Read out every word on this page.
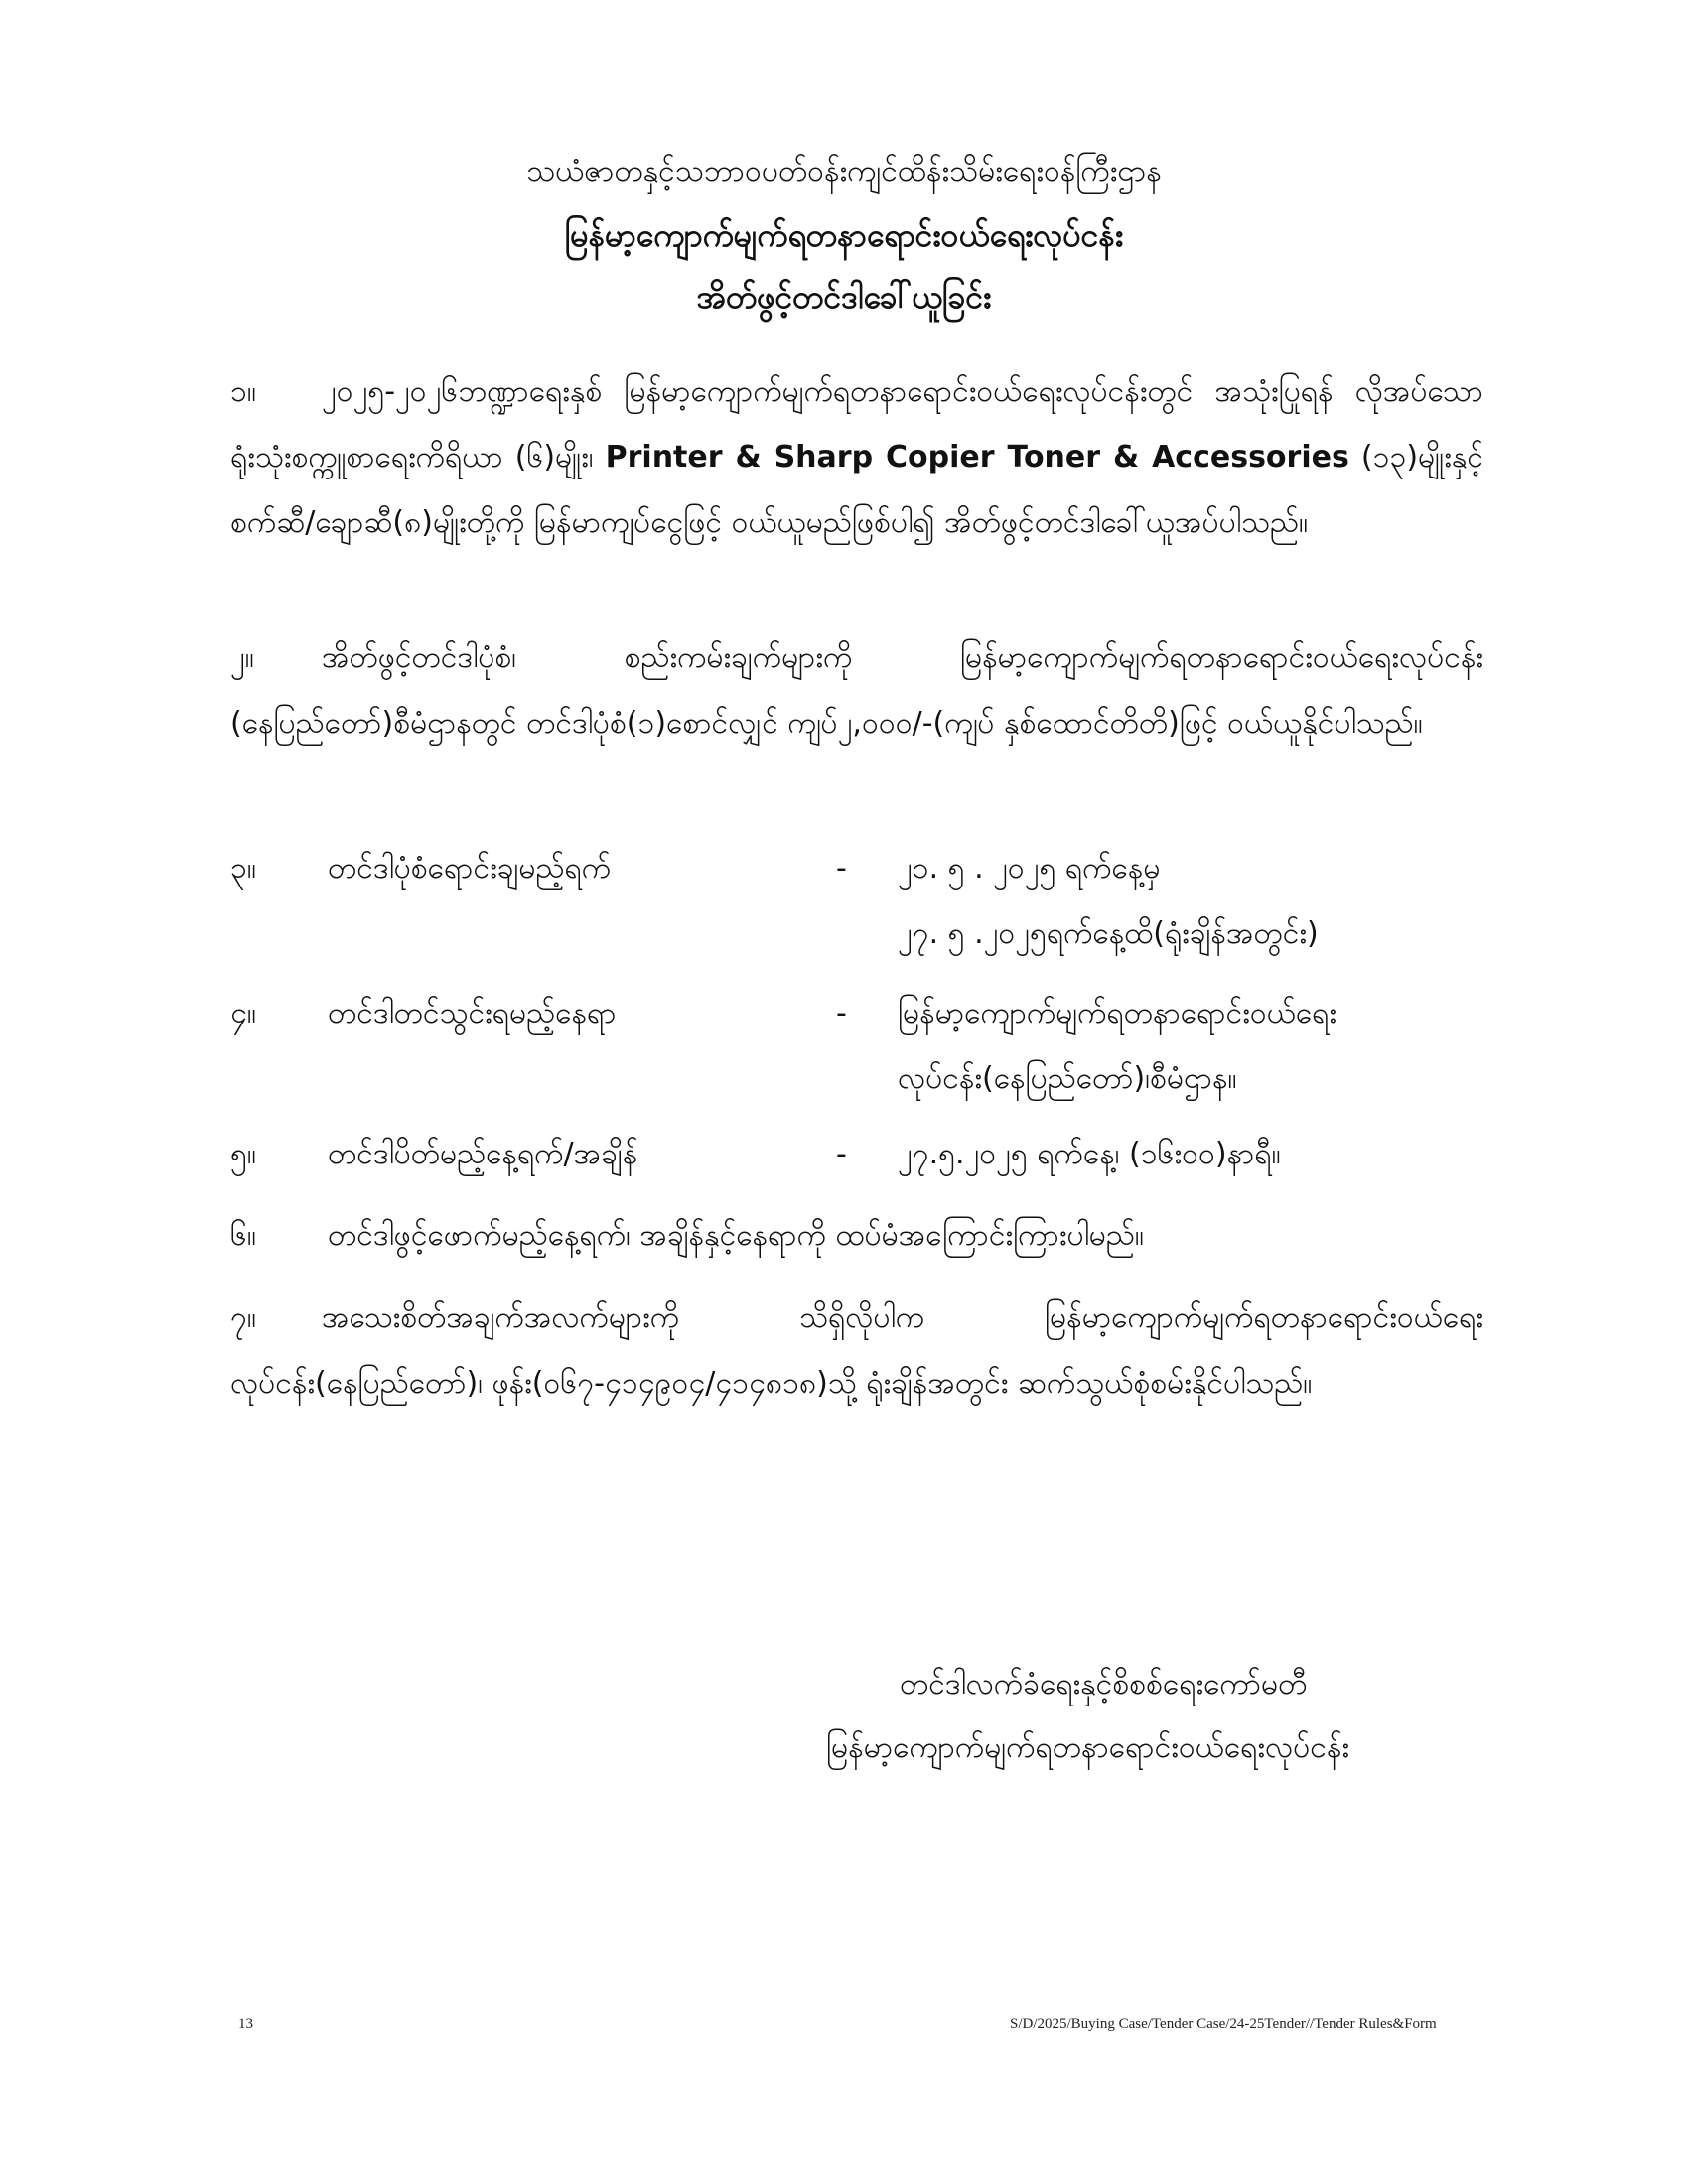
သယံဇာတနှင့်သဘာဝပတ်ဝန်းကျင်ထိန်းသိမ်းရေးဝန်ကြီးဌာန
မြန်မာ့ကျောက်မျက်ရတနာရောင်းဝယ်ရေးလုပ်ငန်း
အိတ်ဖွင့်တင်ဒါခေါ်ယူခြင်း
၁။ ၂၀၂၅-၂၀၂၆ဘဏ္ဍာရေးနှစ် မြန်မာ့ကျောက်မျက်ရတနာရောင်းဝယ်ရေးလုပ်ငန်းတွင် အသုံးပြုရန် လိုအပ်သော ရုံးသုံးစက္ကူစာရေးကိရိယာ (၆)မျိုး၊ Printer & Sharp Copier Toner & Accessories (၁၃)မျိုးနှင့် စက်ဆီ/ချောဆီ(၈)မျိုးတို့ကို မြန်မာကျပ်ငွေဖြင့် ဝယ်ယူမည်ဖြစ်ပါ၍ အိတ်ဖွင့်တင်ဒါခေါ်ယူအပ်ပါသည်။
၂။ အိတ်ဖွင့်တင်ဒါပုံစံ၊ စည်းကမ်းချက်များကို မြန်မာ့ကျောက်မျက်ရတနာရောင်းဝယ်ရေးလုပ်ငန်း (နေပြည်တော်)စီမံဌာနတွင် တင်ဒါပုံစံ(၁)စောင်လျှင် ကျပ်၂,၀၀၀/-(ကျပ် နှစ်ထောင်တိတိ)ဖြင့် ဝယ်ယူနိုင်ပါသည်။
၃။ တင်ဒါပုံစံရောင်းချမည့်ရက်	- ၂၁. ၅ . ၂၀၂၅ ရက်နေ့မှ
၂၇. ၅ .၂၀၂၅ရက်နေ့ထိ(ရုံးချိန်အတွင်း)
၄။ တင်ဒါတင်သွင်းရမည့်နေရာ	- မြန်မာ့ကျောက်မျက်ရတနာရောင်းဝယ်ရေး
လုပ်ငန်း(နေပြည်တော်)၊စီမံဌာန။
၅။ တင်ဒါပိတ်မည့်နေ့ရက်/အချိန်	- ၂၇.၅.၂၀၂၅ ရက်နေ့၊ (၁၆း၀၀)နာရီ။
၆။ တင်ဒါဖွင့်ဖောက်မည့်နေ့ရက်၊ အချိန်နှင့်နေရာကို ထပ်မံအကြောင်းကြားပါမည်။
၇။ အသေးစိတ်အချက်အလက်များကို သိရှိလိုပါက မြန်မာ့ကျောက်မျက်ရတနာရောင်းဝယ်ရေး လုပ်ငန်း(နေပြည်တော်)၊ ဖုန်း(၀၆၇-၄၁၄၉၀၄/၄၁၄၈၁၈)သို့ ရုံးချိန်အတွင်း ဆက်သွယ်စုံစမ်းနိုင်ပါသည်။
တင်ဒါလက်ခံရေးနှင့်စိစစ်ရေးကော်မတီ
မြန်မာ့ကျောက်မျက်ရတနာရောင်းဝယ်ရေးလုပ်ငန်း
13	S/D/2025/Buying Case/Tender Case/24-25Tender//Tender Rules&Form
